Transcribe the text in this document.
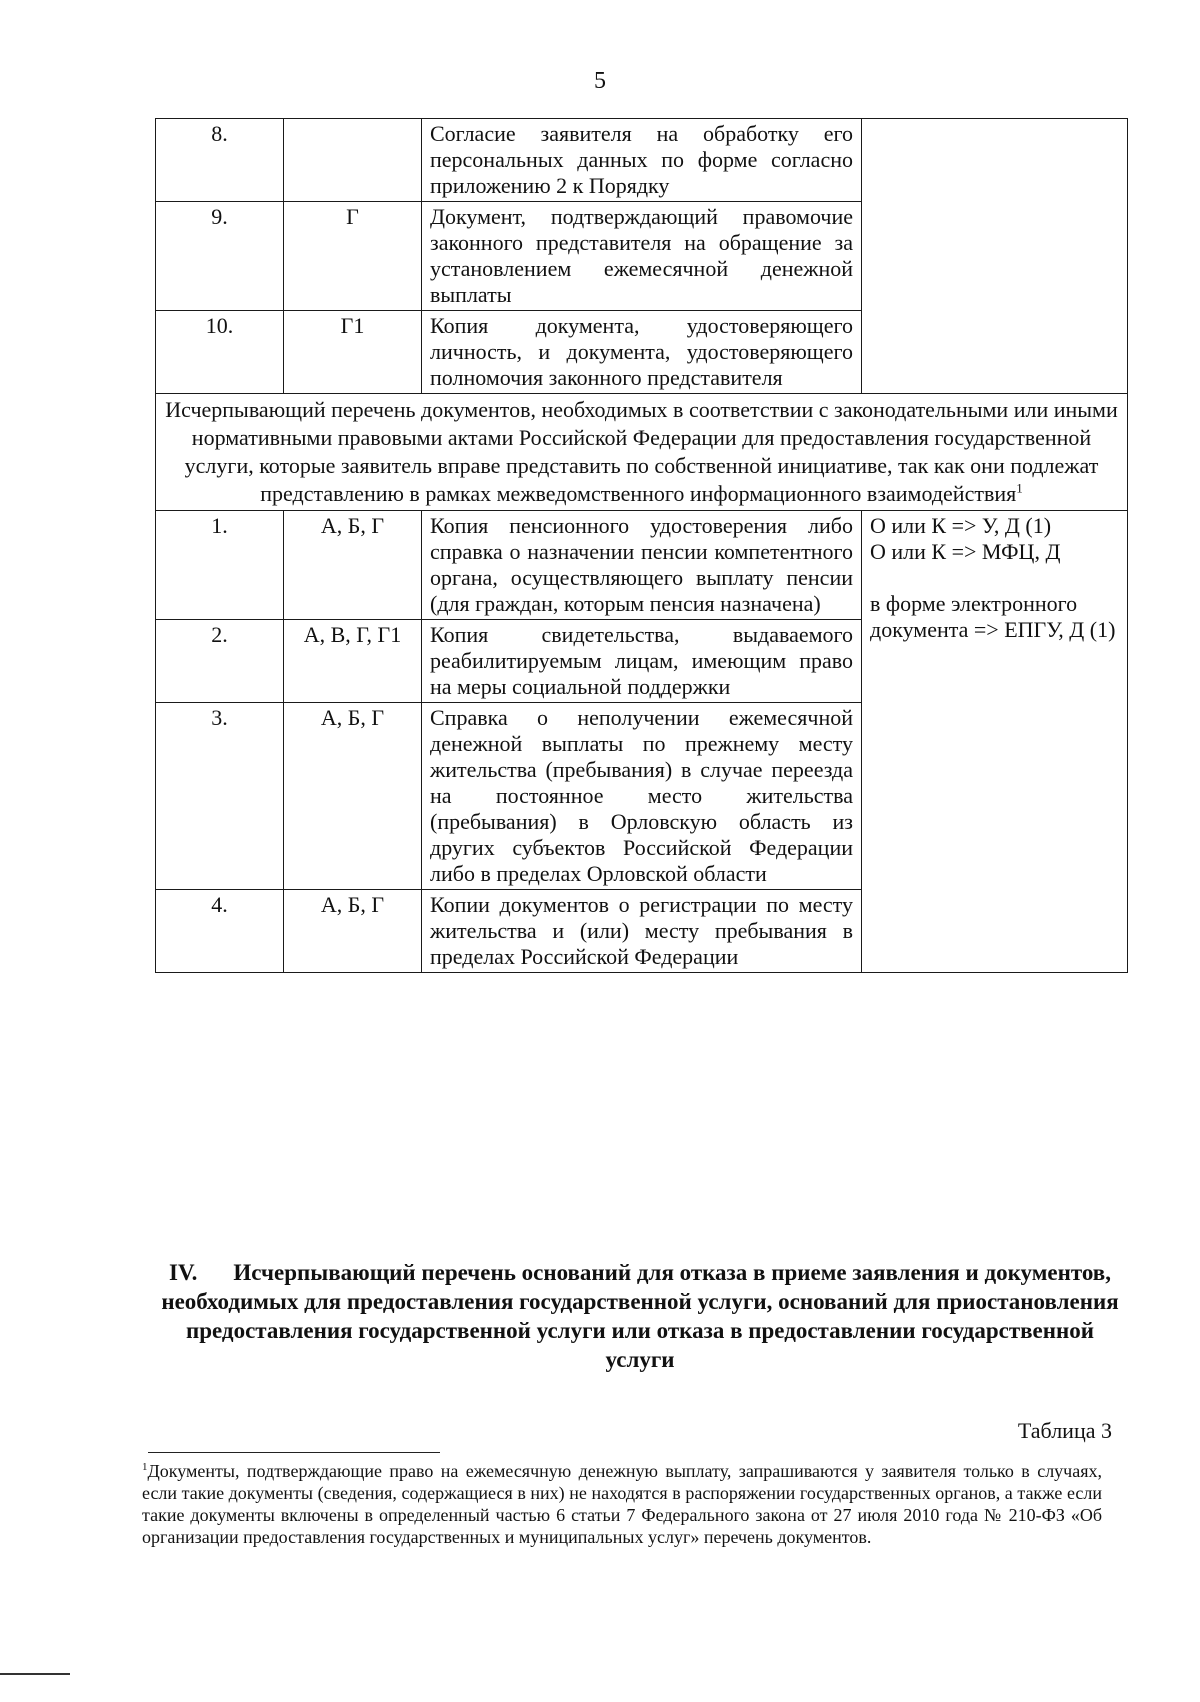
5
8.		Согласие заявителя на обработку его персональных данных по форме согласно приложению 2 к Порядку	
9.	Г	Документ, подтверждающий правомочие законного представителя на обращение за установлением ежемесячной денежной выплаты	
10.	Г1	Копия документа, удостоверяющего личность, и документа, удостоверяющего полномочия законного представителя	
Исчерпывающий перечень документов, необходимых в соответствии с законодательными или иными нормативными правовыми актами Российской Федерации для предоставления государственной услуги, которые заявитель вправе представить по собственной инициативе, так как они подлежат представлению в рамках межведомственного информационного взаимодействия$^1$
1.	А, Б, Г	Копия пенсионного удостоверения либо справка о назначении пенсии компетентного органа, осуществляющего выплату пенсии (для граждан, которым пенсия назначена)	О или К => У, Д (1)
О или К => МФЦ, Д
в форме электронного документа => ЕПГУ, Д (1)

2.	А, В, Г, Г1	Копия свидетельства, выдаваемого реабилитируемым лицам, имеющим право на меры социальной поддержки	
3.	А, Б, Г	Справка о неполучении ежемесячной денежной выплаты по прежнему месту жительства (пребывания) в случае переезда на постоянное место жительства (пребывания) в Орловскую область из других субъектов Российской Федерации либо в пределах Орловской области	
4.	А, Б, Г	Копии документов о регистрации по месту жительства и (или) месту пребывания в пределах Российской Федерации	
IV. Исчерпывающий перечень оснований для отказа в приеме заявления и документов, необходимых для предоставления государственной услуги, оснований для приостановления предоставления государственной услуги или отказа в предоставлении государственной услуги
Таблица 3
$^1$Документы, подтверждающие право на ежемесячную денежную выплату, запрашиваются у заявителя только в случаях, если такие документы (сведения, содержащиеся в них) не находятся в распоряжении государственных органов, а также если такие документы включены в определенный частью 6 статьи 7 Федерального закона от 27 июля 2010 года № 210-ФЗ «Об организации предоставления государственных и муниципальных услуг» перечень документов.
